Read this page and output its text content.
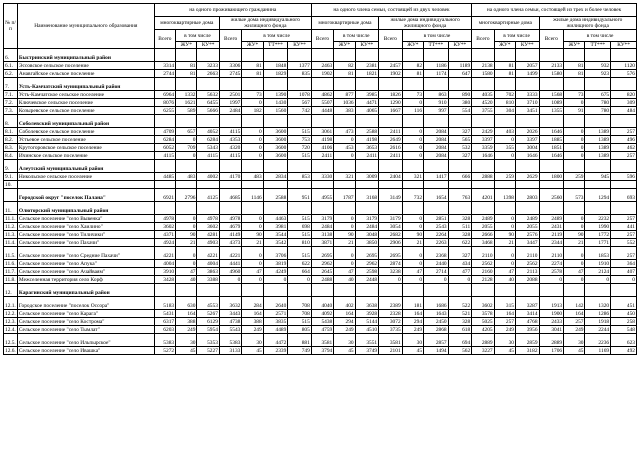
№ п/п	Наименование муниципального образования	на одного проживающего гражданина							на одного члена семьи, состоящей из двух человек							на одного члена семьи, состоящей из трех и более человек						
		многоквартирные дома			жилые дома индивидуального жилищного фонда				многоквартирные дома			жилые дома индивидуального жилищного фонда				многоквартирные дома			жилые дома индивидуального жилищного фонда			
		Всего	в том числе		Всего	в том числе			Всего	в том числе		Всего	в том числе			Всего	в том числе		Всего	в том числе		
			ЖУ*	КУ**		ЖУ*	ТТ***	КУ**		ЖУ*	КУ**		ЖУ*	ТТ***	КУ**		ЖУ*	КУ**		ЖУ*	ТТ***	КУ**
6.	Быстринский муниципальный район																					
6.1.	Эссовское сельское поселение	3314	81	3233	3306	81	1848	1377	2463	82	2381	2457	82	1186	1189	2138	81	2057	2133	81	932	1120
6.2.	Анавгайское сельское поселение	2744	81	2663	2745	81	1829	835	1902	81	1821	1902	81	1174	647	1580	81	1499	1580	81	923	576
7.	Усть-Камчатский муниципальный район																					
7.1.	Усть-Камчатское сельское поселение	6964	1332	5632	2501	73	1390	1078	4862	877	3985	1826	73	863	890	4035	702	3333	1568	73	675	820
7.2.	Ключевское сельское поселение	8076	1621	6455	1997	0	1430	567	5507	1036	4471	1290	0	910	380	4520	810	3710	1089	0	780	309
7.3.	Козыревское сельское поселение	6255	589	5666	2484	182	1560	742	4448	383	4065	1667	116	997	554	3755	304	3451	1355	91	780	484
8.	Соболевский муниципальный район																					
8.1.	Соболевское сельское поселение	4709	657	4052	4115	0	3600	515	3061	473	2588	2411	0	2084	327	2429	403	2026	1646	0	1389	257
8.2.	Устьевое сельское поселение	6284	0	6284	4353	0	3600	753	4198	0	4198	2649	0	2084	565	3397	0	3397	1885	0	1389	496
8.3.	Крутогоровское сельское поселение	6052	709	5343	4320	0	3600	720	4106	453	3653	2616	0	2084	532	3359	355	3004	1851	0	1389	462
8.4.	Ичинское сельское поселение	4115	0	4115	4115	0	3600	515	2411	0	2411	2411	0	2084	327	1646	0	1646	1646	0	1389	257
9.	Алеутский муниципальный район																					
9.1.	Никольское сельское поселение	4485	483	4002	4170	483	2834	853	3330	321	3009	2404	321	1417	666	2888	259	2629	1800	259	945	596
10.																						
	Городской округ "поселок Палана"	6921	2796	4125	4685	1146	2588	951	4955	1787	3168	3149	732	1654	763	4201	1398	2803	2560	573	1294	693
11.	Олюторский муниципальный район																					
11.1.	Сельское поселение "село Вывенка"	4978	0	4978	4978	0	4463	515	3179	0	3179	3179	0	2851	328	2489	0	2489	2489	0	2232	257
11.2.	Сельское поселение "село Хаилино"	3602	0	3602	4679	0	3981	698	2484	0	2484	3054	0	2543	511	2055	0	2055	2431	0	1990	441
11.3.	Сельское поселение "село Тиличики"	4371	90	4281	4149	90	3544	515	3138	90	3048	2682	90	2264	328	2666	90	2576	2119	90	1772	257
11.4.	Сельское поселение "село Пахачи"	4924	21	4903	4373	21	3542	810	3871	21	3850	2906	21	2263	622	3468	21	3447	2344	21	1771	552
11.5.	Сельское поселение "село Средние Пахачи"	4221	0	4221	4221	0	3706	515	2695	0	2695	2695	0	2368	327	2110	0	2110	2110	0	1853	257
11.6.	Сельское поселение "село Апука"	4004	0	4004	4441	0	3819	622	2962	0	2962	2874	0	2440	434	2562	0	2562	2274	0	1910	364
11.7.	Сельское поселение "село Ачайваям"	3910	47	3863	4960	47	4249	664	2645	47	2598	3238	47	2714	477	2160	47	2113	2578	47	2124	407
11.8.	Межселенная территория село Корф	3428	40	3388	0	0	0	0	2488	40	2448	0	0	0	0	2128	40	2088	0	0	0	0
12.	Карагинский муниципальный район																					
12.1.	Городское поселение "поселок Оссора"	5183	630	4553	3632	284	2640	708	4040	402	3638	2389	181	1686	522	3602	315	3287	1913	142	1320	451
12.2.	Сельское поселение "село Карага"	5431	164	5267	3443	164	2571	708	4092	164	3928	2328	164	1643	521	3578	164	3414	1900	164	1286	450
12.3.	Сельское поселение "село Кострома"	6317	388	6129	4738	388	3835	515	5438	294	5144	3072	294	2450	328	5025	257	4768	2433	257	1918	258
12.4.	Сельское поселение "село Тымлат"	6203	249	5954	5543	249	4489	805	4759	249	4510	3735	249	2868	618	4205	249	3956	3041	249	2244	548
12.5.	Сельское поселение "село Ильпырское"	5383	30	5353	5383	30	4472	881	3581	30	3551	3581	30	2857	694	2889	30	2859	2889	30	2236	623
12.6.	Сельское поселение "село Ивашка"	5272	45	5227	3133	45	2339	749	3794	45	3749	2101	45	1494	562	3227	45	3182	1706	45	1169	492
